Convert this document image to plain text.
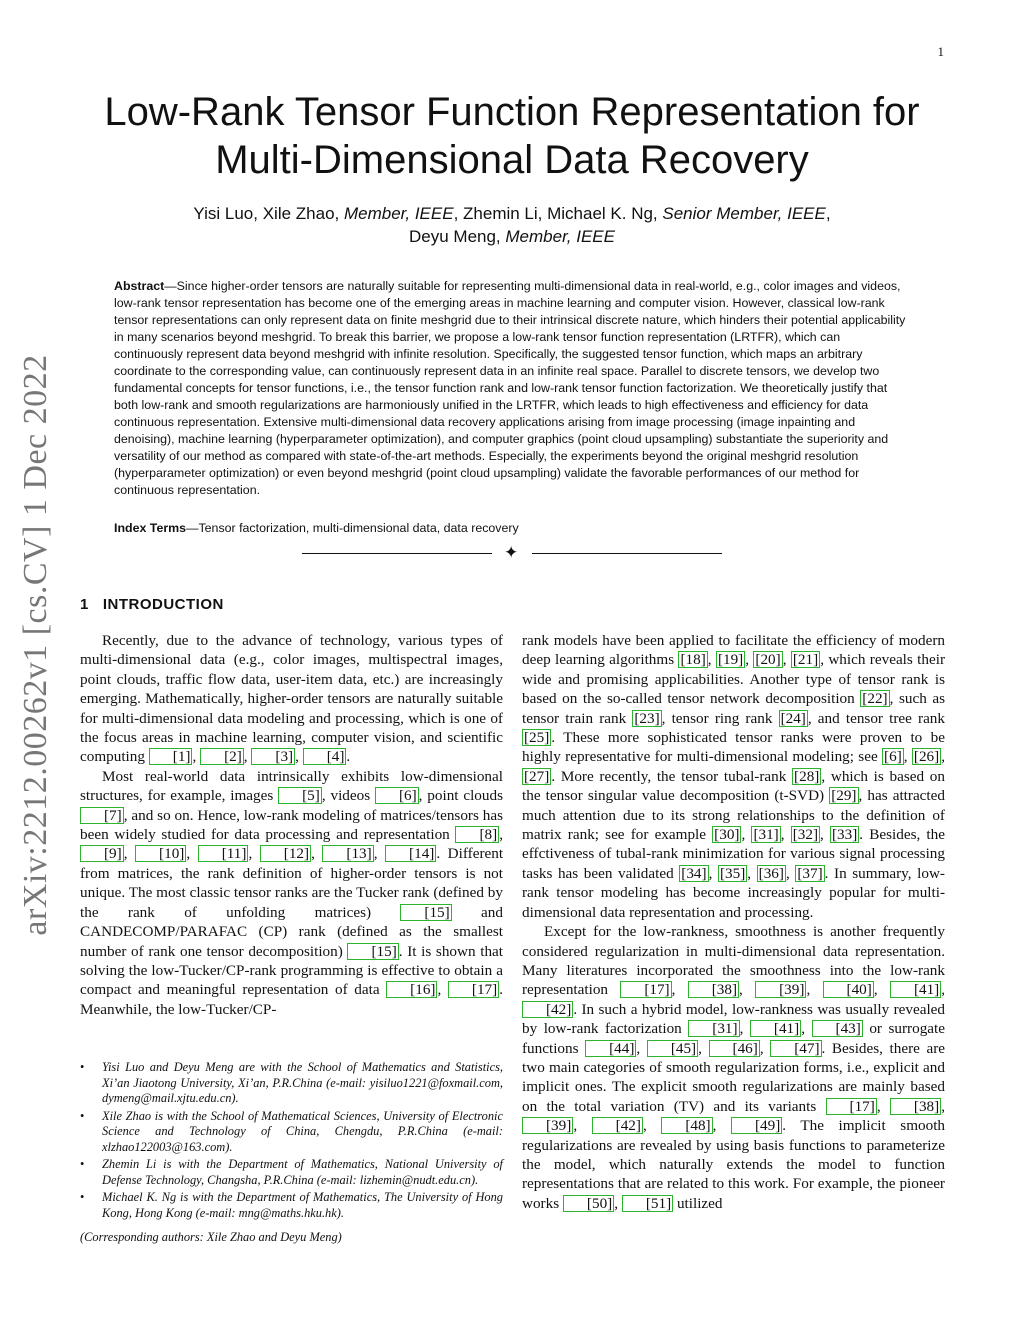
1
arXiv:2212.00262v1 [cs.CV] 1 Dec 2022
Low-Rank Tensor Function Representation for
Multi-Dimensional Data Recovery
Yisi Luo, Xile Zhao, Member, IEEE, Zhemin Li, Michael K. Ng, Senior Member, IEEE,
Deyu Meng, Member, IEEE
Abstract—Since higher-order tensors are naturally suitable for representing multi-dimensional data in real-world, e.g., color images and videos, low-rank tensor representation has become one of the emerging areas in machine learning and computer vision. However, classical low-rank tensor representations can only represent data on finite meshgrid due to their intrinsical discrete nature, which hinders their potential applicability in many scenarios beyond meshgrid. To break this barrier, we propose a low-rank tensor function representation (LRTFR), which can continuously represent data beyond meshgrid with infinite resolution. Specifically, the suggested tensor function, which maps an arbitrary coordinate to the corresponding value, can continuously represent data in an infinite real space. Parallel to discrete tensors, we develop two fundamental concepts for tensor functions, i.e., the tensor function rank and low-rank tensor function factorization. We theoretically justify that both low-rank and smooth regularizations are harmoniously unified in the LRTFR, which leads to high effectiveness and efficiency for data continuous representation. Extensive multi-dimensional data recovery applications arising from image processing (image inpainting and denoising), machine learning (hyperparameter optimization), and computer graphics (point cloud upsampling) substantiate the superiority and versatility of our method as compared with state-of-the-art methods. Especially, the experiments beyond the original meshgrid resolution (hyperparameter optimization) or even beyond meshgrid (point cloud upsampling) validate the favorable performances of our method for continuous representation.
Index Terms—Tensor factorization, multi-dimensional data, data recovery
✦
1 INTRODUCTION

Recently, due to the advance of technology, various types of multi-dimensional data (e.g., color images, multispectral images, point clouds, traffic flow data, user-item data, etc.) are increasingly emerging. Mathematically, higher-order tensors are naturally suitable for multi-dimensional data modeling and processing, which is one of the focus areas in machine learning, computer vision, and scientific computing [1] , [2] , [3] , [4] .

Most real-world data intrinsically exhibits low-dimensional structures, for example, images [5] , videos [6] , point clouds [7] , and so on. Hence, low-rank modeling of matrices/tensors has been widely studied for data processing and representation [8] , [9] , [10] , [11] , [12] , [13] , [14] . Different from matrices, the rank definition of higher-order tensors is not unique. The most classic tensor ranks are the Tucker rank (defined by the rank of unfolding matrices) [15] and CANDECOMP/PARAFAC (CP) rank (defined as the smallest number of rank one tensor decomposition) [15] . It is shown that solving the low-Tucker/CP-rank programming is effective to obtain a compact and meaningful representation of data [16] , [17] . Meanwhile, the low-Tucker/CP-

• Yisi Luo and Deyu Meng are with the School of Mathematics and Statistics, Xi’an Jiaotong University, Xi’an, P.R.China (e-mail: yisiluo1221@foxmail.com, dymeng@mail.xjtu.edu.cn).
• Xile Zhao is with the School of Mathematical Sciences, University of Electronic Science and Technology of China, Chengdu, P.R.China (e-mail: xlzhao122003@163.com).
• Zhemin Li is with the Department of Mathematics, National University of Defense Technology, Changsha, P.R.China (e-mail: lizhemin@nudt.edu.cn).
• Michael K. Ng is with the Department of Mathematics, The University of Hong Kong, Hong Kong (e-mail: mng@maths.hku.hk).
(Corresponding authors: Xile Zhao and Deyu Meng)

rank models have been applied to facilitate the efficiency of modern deep learning algorithms [18] , [19] , [20] , [21] , which reveals their wide and promising applicabilities. Another type of tensor rank is based on the so-called tensor network decomposition [22] , such as tensor train rank [23] , tensor ring rank [24] , and tensor tree rank [25] . These more sophisticated tensor ranks were proven to be highly representative for multi-dimensional modeling; see [6] , [26] , [27] . More recently, the tensor tubal-rank [28] , which is based on the tensor singular value decomposition (t-SVD) [29] , has attracted much attention due to its strong relationships to the definition of matrix rank; see for example [30] , [31] , [32] , [33] . Besides, the effctiveness of tubal-rank minimization for various signal processing tasks has been validated [34] , [35] , [36] , [37] . In summary, low-rank tensor modeling has become increasingly popular for multi-dimensional data representation and processing.

Except for the low-rankness, smoothness is another frequently considered regularization in multi-dimensional data representation. Many literatures incorporated the smoothness into the low-rank representation [17] , [38] , [39] , [40] , [41] , [42] . In such a hybrid model, low-rankness was usually revealed by low-rank factorization [31] , [41] , [43] or surrogate functions [44] , [45] , [46] , [47] . Besides, there are two main categories of smooth regularization forms, i.e., explicit and implicit ones. The explicit smooth regularizations are mainly based on the total variation (TV) and its variants [17] , [38] , [39] , [42] , [48] , [49] . The implicit smooth regularizations are revealed by using basis functions to parameterize the model, which naturally extends the model to function representations that are related to this work. For example, the pioneer works [50] , [51] utilized
